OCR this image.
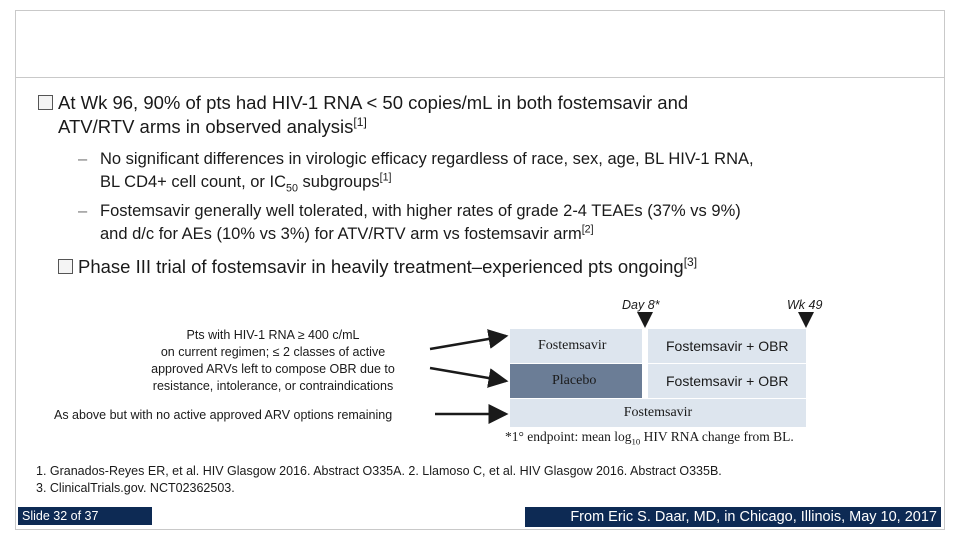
At Wk 96, 90% of pts had HIV-1 RNA < 50 copies/mL in both fostemsavir and
ATV/RTV arms in observed analysis[1]
– No significant differences in virologic efficacy regardless of race, sex, age, BL HIV-1 RNA,
BL CD4+ cell count, or $IC_{50}$ subgroups[1]
– Fostemsavir generally well tolerated, with higher rates of grade 2-4 TEAEs (37% vs 9%)
and d/c for AEs (10% vs 3%) for ATV/RTV arm vs fostemsavir arm[2]
Phase III trial of fostemsavir in heavily treatment–experienced pts ongoing[3]
Day 8*	Wk 49
Pts with HIV-1 RNA ≥ 400 c/mL
on current regimen; ≤ 2 classes of active
approved ARVs left to compose OBR due to
resistance, intolerance, or contraindications
As above but with no active approved ARV options remaining
Fostemsavir	Fostemsavir + OBR
Placebo	Fostemsavir + OBR
Fostemsavir
*1° endpoint: mean $\log_{10}$ HIV RNA change from BL.
1. Granados-Reyes ER, et al. HIV Glasgow 2016. Abstract O335A. 2. Llamoso C, et al. HIV Glasgow 2016. Abstract O335B.
3. ClinicalTrials.gov. NCT02362503.
Slide 32 of 37	From Eric S. Daar, MD, in Chicago, Illinois, May 10, 2017
